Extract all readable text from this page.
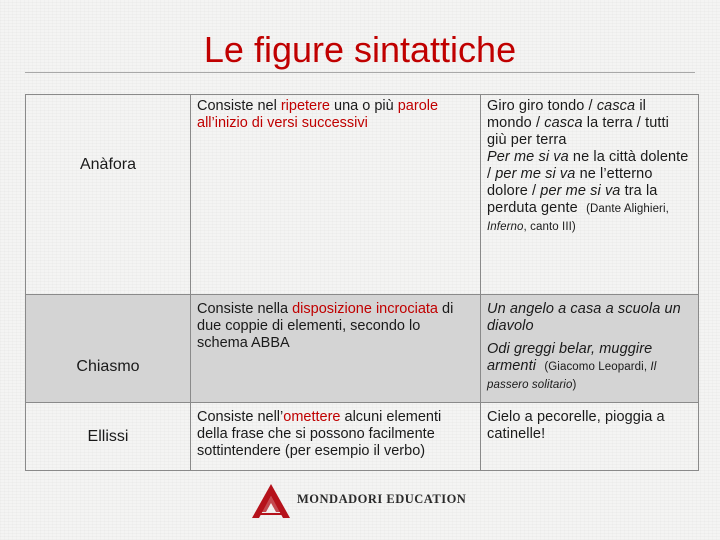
Le figure sintattiche
Anàfora	Consiste nel ripetere una o più parole all’inizio di versi successivi	Giro giro tondo / casca il mondo / casca la terra / tutti giù per terra
Per me si va ne la città dolente / per me si va ne l’etterno dolore / per me si va tra la perduta gente (Dante Alighieri, Inferno, canto III)

Chiasmo	Consiste nella disposizione incrociata di due coppie di elementi, secondo lo schema ABBA	Un angelo a casa a scuola un diavolo
Odi greggi belar, muggire armenti (Giacomo Leopardi, Il passero solitario)

Ellissi	Consiste nell’omettere alcuni elementi della frase che si possono facilmente sottintendere (per esempio il verbo)	Cielo a pecorelle, pioggia a catinelle!
MONDADORI EDUCATION
